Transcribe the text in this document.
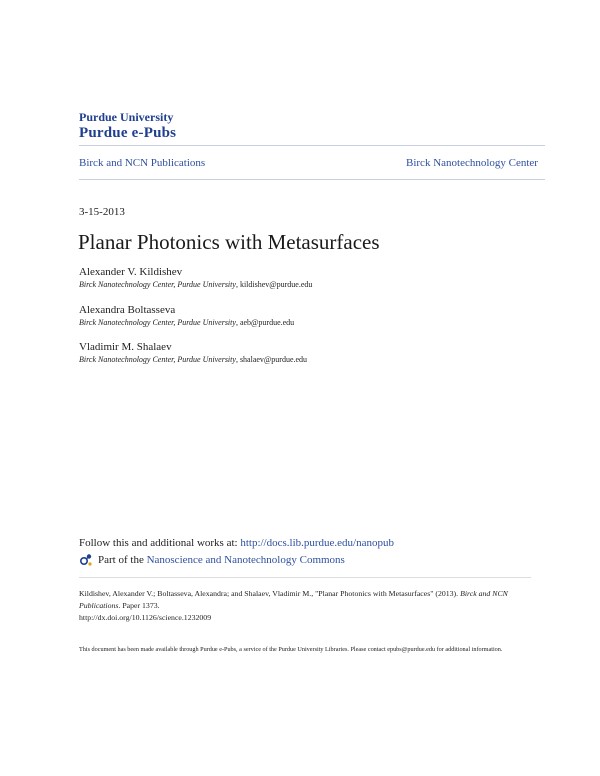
Purdue University
Purdue e-Pubs
Birck and NCN Publications	Birck Nanotechnology Center
3-15-2013
Planar Photonics with Metasurfaces
Alexander V. Kildishev
Birck Nanotechnology Center, Purdue University, kildishev@purdue.edu
Alexandra Boltasseva
Birck Nanotechnology Center, Purdue University, aeb@purdue.edu
Vladimir M. Shalaev
Birck Nanotechnology Center, Purdue University, shalaev@purdue.edu
Follow this and additional works at: http://docs.lib.purdue.edu/nanopub
Part of the
Nanoscience and Nanotechnology Commons
Kildishev, Alexander V.; Boltasseva, Alexandra; and Shalaev, Vladimir M., "Planar Photonics with Metasurfaces" (2013). Birck and NCN Publications. Paper 1373.
http://dx.doi.org/10.1126/science.1232009
This document has been made available through Purdue e-Pubs, a service of the Purdue University Libraries. Please contact epubs@purdue.edu for additional information.
